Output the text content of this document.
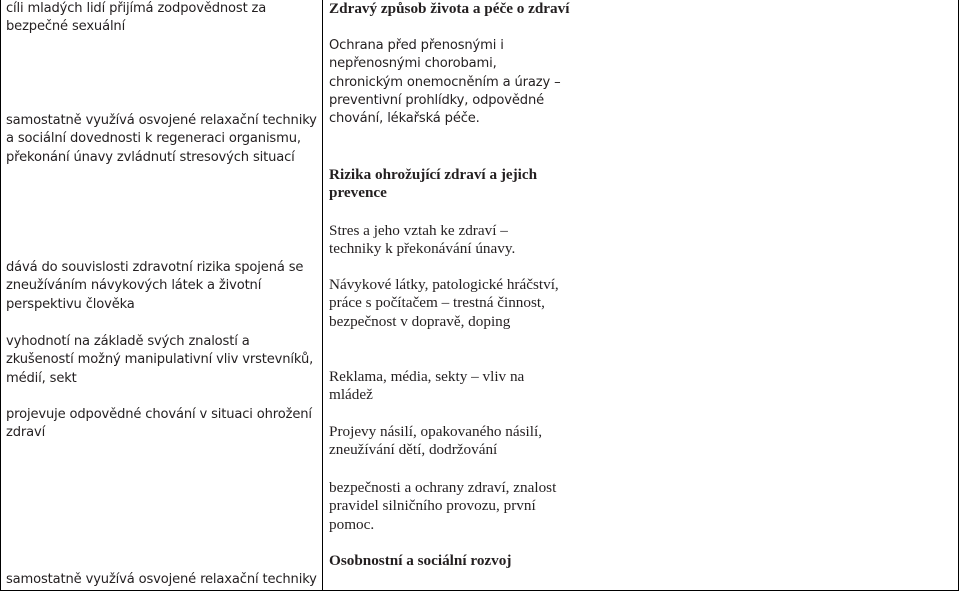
cíli mladých lidí přijímá zodpovědnost za bezpečné sexuální
samostatně využívá osvojené relaxační techniky a sociální dovednosti k regeneraci organismu, překonání únavy zvládnutí stresových situací
dává do souvislosti zdravotní rizika spojená se zneužíváním návykových látek a životní perspektivu člověka
vyhodnotí na základě svých znalostí a zkušeností možný manipulativní vliv vrstevníků, médií, sekt
projevuje odpovědné chování v situaci ohrožení zdraví
samostatně využívá osvojené relaxační techniky
Zdravý způsob života a péče o zdraví
Ochrana před přenosnými i nepřenosnými chorobami, chronickým onemocněním a úrazy – preventivní prohlídky, odpovědné chování, lékařská péče.
Rizika ohrožující zdraví a jejich prevence
Stres a jeho vztah ke zdraví – techniky k překonávání únavy.
Návykové látky, patologické hráčství, práce s počítačem – trestná činnost, bezpečnost v dopravě, doping
Reklama, média, sekty – vliv na mládež
Projevy násilí, opakovaného násilí, zneužívání dětí, dodržování
bezpečnosti a ochrany zdraví, znalost pravidel silničního provozu, první pomoc.
Osobnostní a sociální rozvoj
